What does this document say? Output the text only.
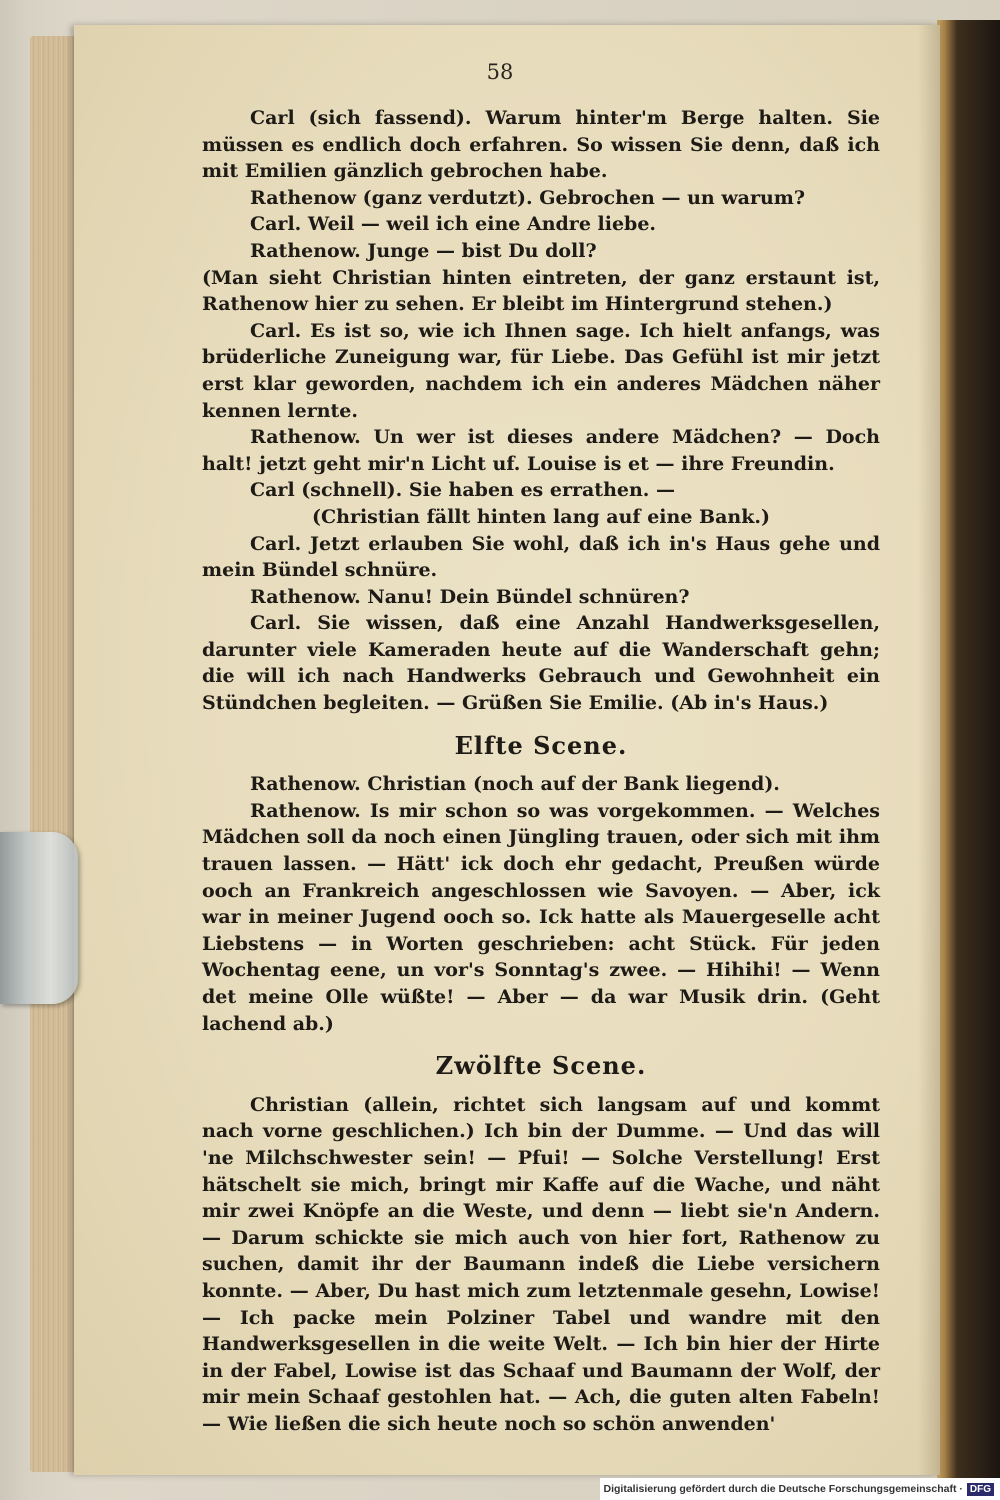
58

Carl (sich fassend). Warum hinter'm Berge halten. Sie müssen es endlich doch erfahren. So wissen Sie denn, daß ich mit Emilien gänzlich gebrochen habe.

Rathenow (ganz verdutzt). Gebrochen — un warum?

Carl. Weil — weil ich eine Andre liebe.

Rathenow. Junge — bist Du doll?

(Man sieht Christian hinten eintreten, der ganz erstaunt ist, Rathenow hier zu sehen. Er bleibt im Hintergrund stehen.)

Carl. Es ist so, wie ich Ihnen sage. Ich hielt anfangs, was brüderliche Zuneigung war, für Liebe. Das Gefühl ist mir jetzt erst klar geworden, nachdem ich ein anderes Mädchen näher kennen lernte.

Rathenow. Un wer ist dieses andere Mädchen? — Doch halt! jetzt geht mir'n Licht uf. Louise is et — ihre Freundin.

Carl (schnell). Sie haben es errathen. —

(Christian fällt hinten lang auf eine Bank.)

Carl. Jetzt erlauben Sie wohl, daß ich in's Haus gehe und mein Bündel schnüre.

Rathenow. Nanu! Dein Bündel schnüren?

Carl. Sie wissen, daß eine Anzahl Handwerksgesellen, darunter viele Kameraden heute auf die Wanderschaft gehn; die will ich nach Handwerks Gebrauch und Gewohnheit ein Stündchen begleiten. — Grüßen Sie Emilie. (Ab in's Haus.)

Elfte Scene.

Rathenow. Christian (noch auf der Bank liegend).

Rathenow. Is mir schon so was vorgekommen. — Welches Mädchen soll da noch einen Jüngling trauen, oder sich mit ihm trauen lassen. — Hätt' ick doch ehr gedacht, Preußen würde ooch an Frankreich angeschlossen wie Savoyen. — Aber, ick war in meiner Jugend ooch so. Ick hatte als Mauergeselle acht Liebstens — in Worten geschrieben: acht Stück. Für jeden Wochentag eene, un vor's Sonntag's zwee. — Hihihi! — Wenn det meine Olle wüßte! — Aber — da war Musik drin. (Geht lachend ab.)

Zwölfte Scene.

Christian (allein, richtet sich langsam auf und kommt nach vorne geschlichen.) Ich bin der Dumme. — Und das will 'ne Milchschwester sein! — Pfui! — Solche Verstellung! Erst hätschelt sie mich, bringt mir Kaffe auf die Wache, und näht mir zwei Knöpfe an die Weste, und denn — liebt sie'n Andern. — Darum schickte sie mich auch von hier fort, Rathenow zu suchen, damit ihr der Baumann indeß die Liebe versichern konnte. — Aber, Du hast mich zum letztenmale gesehn, Lowise! — Ich packe mein Polziner Tabel und wandre mit den Handwerksgesellen in die weite Welt. — Ich bin hier der Hirte in der Fabel, Lowise ist das Schaaf und Baumann der Wolf, der mir mein Schaaf gestohlen hat. — Ach, die guten alten Fabeln! — Wie ließen die sich heute noch so schön anwenden'

Digitalisierung gefördert durch die Deutsche Forschungsgemeinschaft · DFG
